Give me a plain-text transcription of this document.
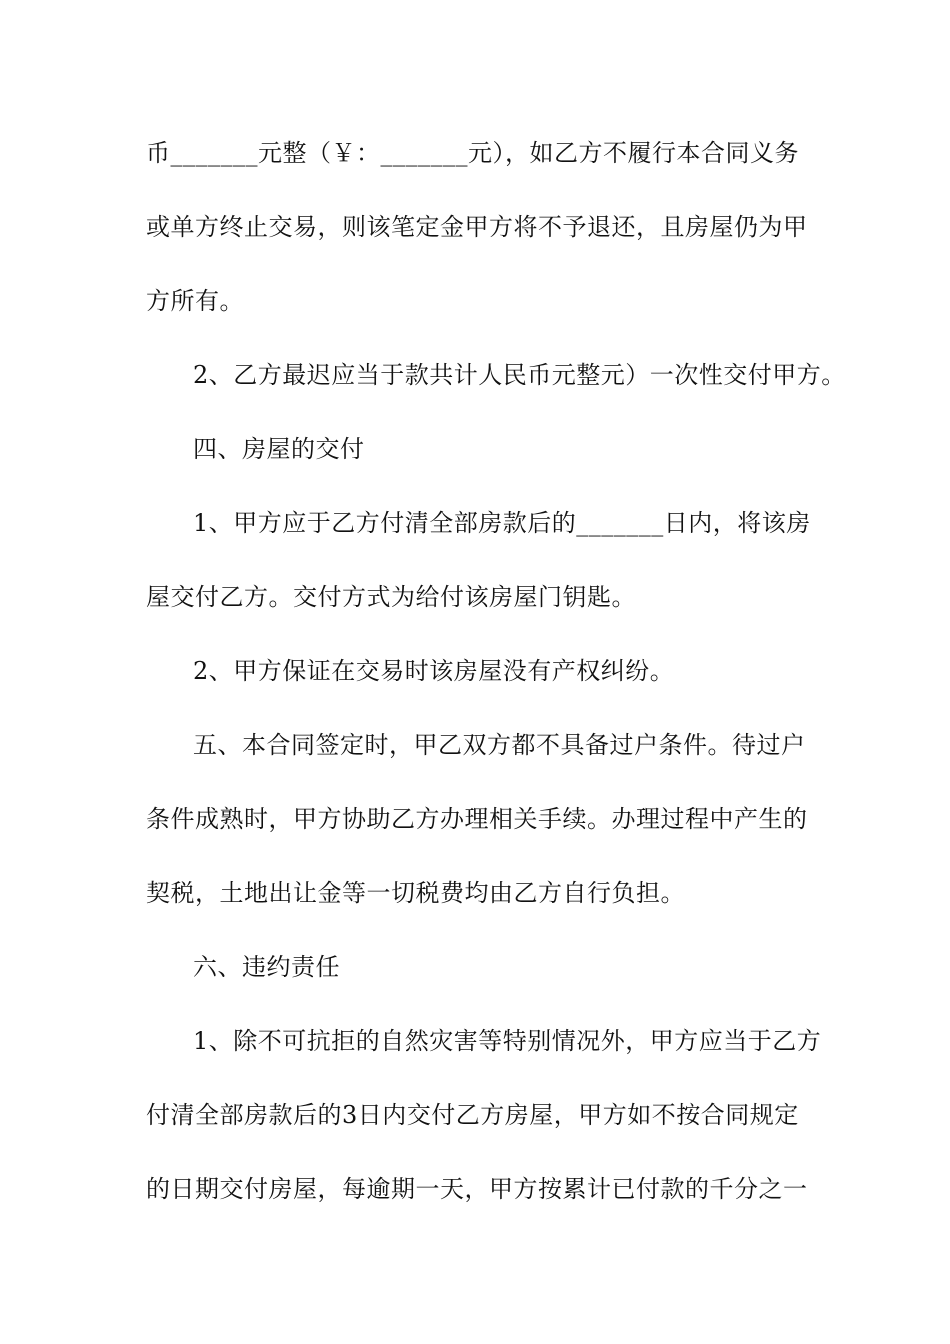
币_______元整（￥：_______元），如乙方不履行本合同义务
或单方终止交易，则该笔定金甲方将不予退还，且房屋仍为甲
方所有。
2、乙方最迟应当于款共计人民币元整元）一次性交付甲方。
四、房屋的交付
1、甲方应于乙方付清全部房款后的_______日内，将该房
屋交付乙方。交付方式为给付该房屋门钥匙。
2、甲方保证在交易时该房屋没有产权纠纷。
五、本合同签定时，甲乙双方都不具备过户条件。待过户
条件成熟时，甲方协助乙方办理相关手续。办理过程中产生的
契税，土地出让金等一切税费均由乙方自行负担。
六、违约责任
1、除不可抗拒的自然灾害等特别情况外，甲方应当于乙方
付清全部房款后的3日内交付乙方房屋，甲方如不按合同规定
的日期交付房屋，每逾期一天，甲方按累计已付款的千分之一
